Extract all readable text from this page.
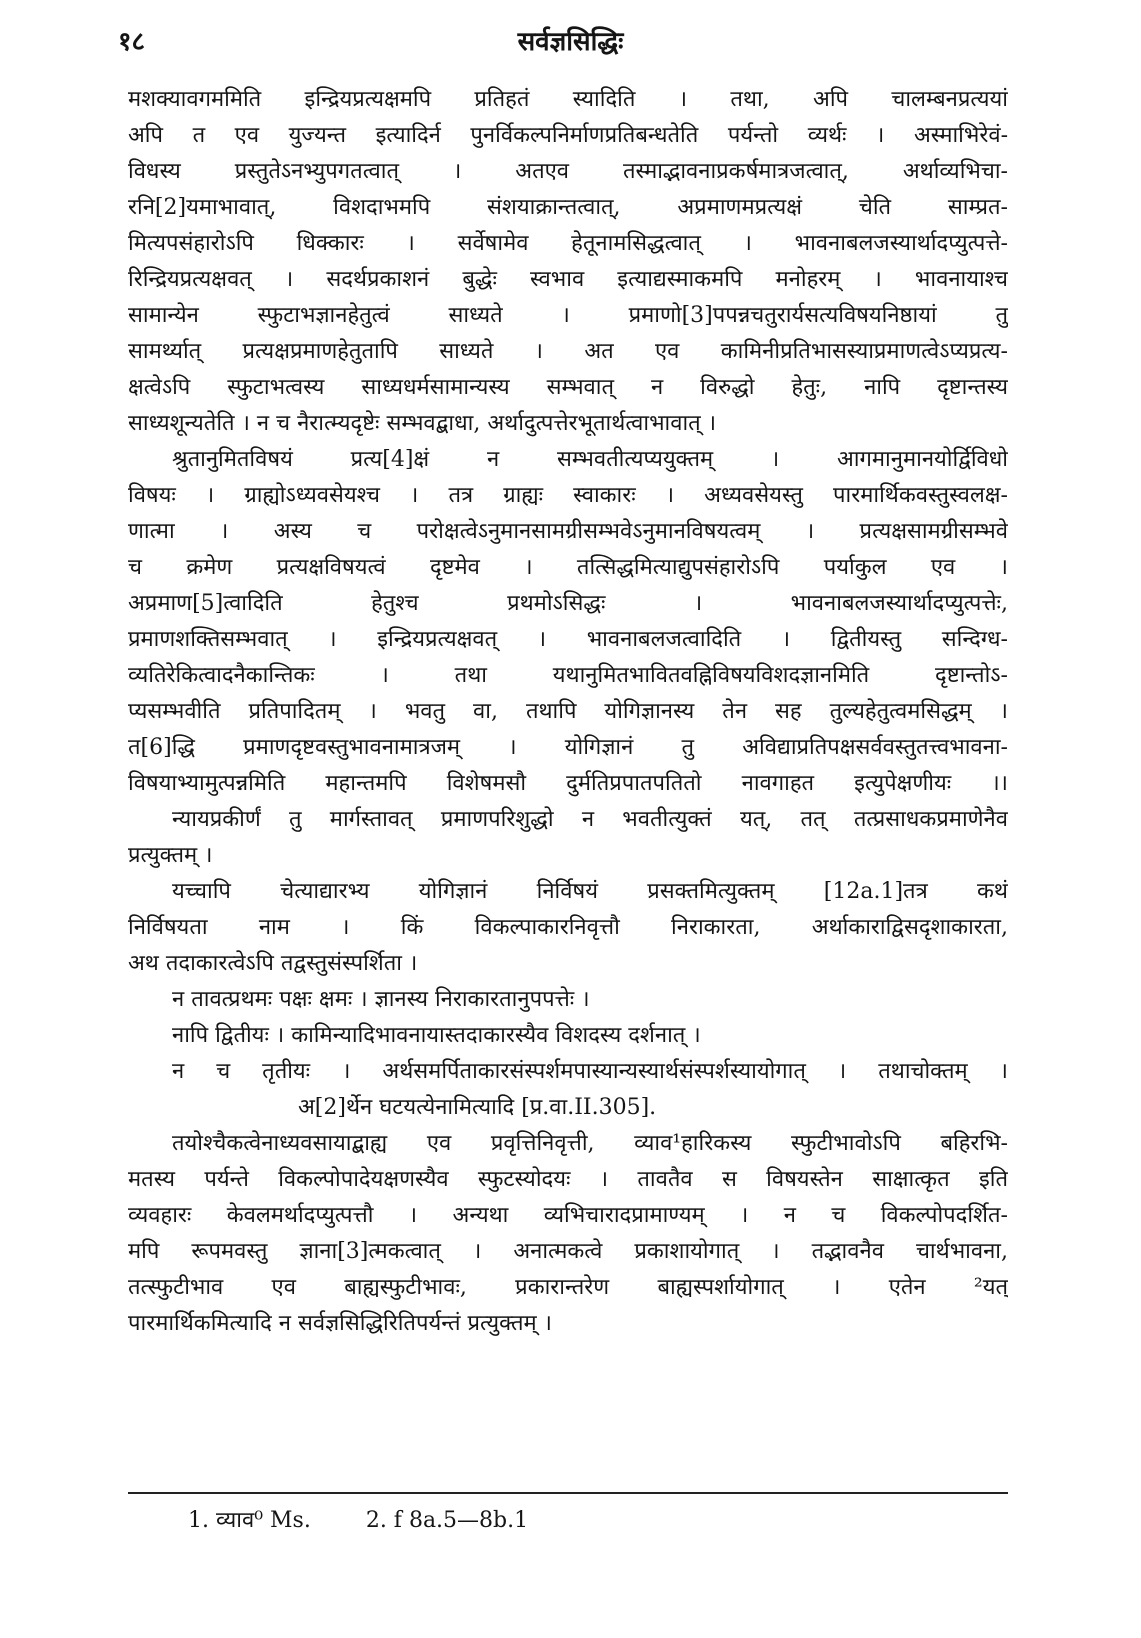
१८	सर्वज्ञसिद्धिः
मशक्यावगममिति इन्द्रियप्रत्यक्षमपि प्रतिहतं स्यादिति । तथा, अपि चालम्बनप्रत्ययां
अपि त एव युज्यन्त इत्यादिर्न पुनर्विकल्पनिर्माणप्रतिबन्धतेति पर्यन्तो व्यर्थः । अस्माभिरेवं-
विधस्य प्रस्तुतेऽनभ्युपगतत्वात् । अतएव तस्माद्भावनाप्रकर्षमात्रजत्वात्, अर्थाव्यभिचा-
रनि[2]यमाभावात्, विशदाभमपि संशयाक्रान्तत्वात्, अप्रमाणमप्रत्यक्षं चेति साम्प्रत-
मित्यपसंहारोऽपि धिक्कारः । सर्वेषामेव हेतूनामसिद्धत्वात् । भावनाबलजस्यार्थादप्युत्पत्ते-
रिन्द्रियप्रत्यक्षवत् । सदर्थप्रकाशनं बुद्धेः स्वभाव इत्याद्यस्माकमपि मनोहरम् । भावनायाश्च
सामान्येन स्फुटाभज्ञानहेतुत्वं साध्यते । प्रमाणो[3]पपन्नचतुरार्यसत्यविषयनिष्ठायां तु
सामर्थ्यात् प्रत्यक्षप्रमाणहेतुतापि साध्यते । अत एव कामिनीप्रतिभासस्याप्रमाणत्वेऽप्यप्रत्य-
क्षत्वेऽपि स्फुटाभत्वस्य साध्यधर्मसामान्यस्य सम्भवात् न विरुद्धो हेतुः, नापि दृष्टान्तस्य
साध्यशून्यतेति । न च नैरात्म्यदृष्टेः सम्भवद्बाधा, अर्थादुत्पत्तेरभूतार्थत्वाभावात् ।
श्रुतानुमितविषयं प्रत्य[4]क्षं न सम्भवतीत्यप्ययुक्तम् । आगमानुमानयोर्द्विविधो
विषयः । ग्राह्योऽध्यवसेयश्च । तत्र ग्राह्यः स्वाकारः । अध्यवसेयस्तु पारमार्थिकवस्तुस्वलक्ष-
णात्मा । अस्य च परोक्षत्वेऽनुमानसामग्रीसम्भवेऽनुमानविषयत्वम् । प्रत्यक्षसामग्रीसम्भवे
च क्रमेण प्रत्यक्षविषयत्वं दृष्टमेव । तत्सिद्धमित्याद्युपसंहारोऽपि पर्याकुल एव ।
अप्रमाण[5]त्वादिति हेतुश्च प्रथमोऽसिद्धः । भावनाबलजस्यार्थादप्युत्पत्तेः,
प्रमाणशक्तिसम्भवात् । इन्द्रियप्रत्यक्षवत् । भावनाबलजत्वादिति । द्वितीयस्तु सन्दिग्ध-
व्यतिरेकित्वादनैकान्तिकः । तथा यथानुमितभावितवह्निविषयविशदज्ञानमिति दृष्टान्तोऽ-
प्यसम्भवीति प्रतिपादितम् । भवतु वा, तथापि योगिज्ञानस्य तेन सह तुल्यहेतुत्वमसिद्धम् ।
त[6]द्धि प्रमाणदृष्टवस्तुभावनामात्रजम् । योगिज्ञानं तु अविद्याप्रतिपक्षसर्ववस्तुतत्त्वभावना-
विषयाभ्यामुत्पन्नमिति महान्तमपि विशेषमसौ दुर्मतिप्रपातपतितो नावगाहत इत्युपेक्षणीयः ।।
न्यायप्रकीर्णं तु मार्गस्तावत् प्रमाणपरिशुद्धो न भवतीत्युक्तं यत्, तत् तत्प्रसाधकप्रमाणेनैव
प्रत्युक्तम् ।
यच्चापि चेत्याद्यारभ्य योगिज्ञानं निर्विषयं प्रसक्तमित्युक्तम् [12a.1]तत्र कथं
निर्विषयता नाम । किं विकल्पाकारनिवृत्तौ निराकारता, अर्थाकाराद्विसदृशाकारता,
अथ तदाकारत्वेऽपि तद्वस्तुसंस्पर्शिता ।
न तावत्प्रथमः पक्षः क्षमः । ज्ञानस्य निराकारतानुपपत्तेः ।
नापि द्वितीयः । कामिन्यादिभावनायास्तदाकारस्यैव विशदस्य दर्शनात् ।
न च तृतीयः । अर्थसमर्पिताकारसंस्पर्शमपास्यान्यस्यार्थसंस्पर्शस्यायोगात् । तथाचोक्तम् ।
अ[2]र्थेन घटयत्येनामित्यादि [प्र.वा.II.305].
तयोश्चैकत्वेनाध्यवसायाद्बाह्य एव प्रवृत्तिनिवृत्ती, व्याव¹हारिकस्य स्फुटीभावोऽपि बहिरभि-
मतस्य पर्यन्ते विकल्पोपादेयक्षणस्यैव स्फुटस्योदयः । तावतैव स विषयस्तेन साक्षात्कृत इति
व्यवहारः केवलमर्थादप्युत्पत्तौ । अन्यथा व्यभिचारादप्रामाण्यम् । न च विकल्पोपदर्शित-
मपि रूपमवस्तु ज्ञाना[3]त्मकत्वात् । अनात्मकत्वे प्रकाशायोगात् । तद्भावनैव चार्थभावना,
तत्स्फुटीभाव एव बाह्यस्फुटीभावः, प्रकारान्तरेण बाह्यस्पर्शायोगात् । एतेन ²यत्
पारमार्थिकमित्यादि न सर्वज्ञसिद्धिरितिपर्यन्तं प्रत्युक्तम् ।
1. व्याव⁰ Ms.	2. f 8a.5—8b.1
